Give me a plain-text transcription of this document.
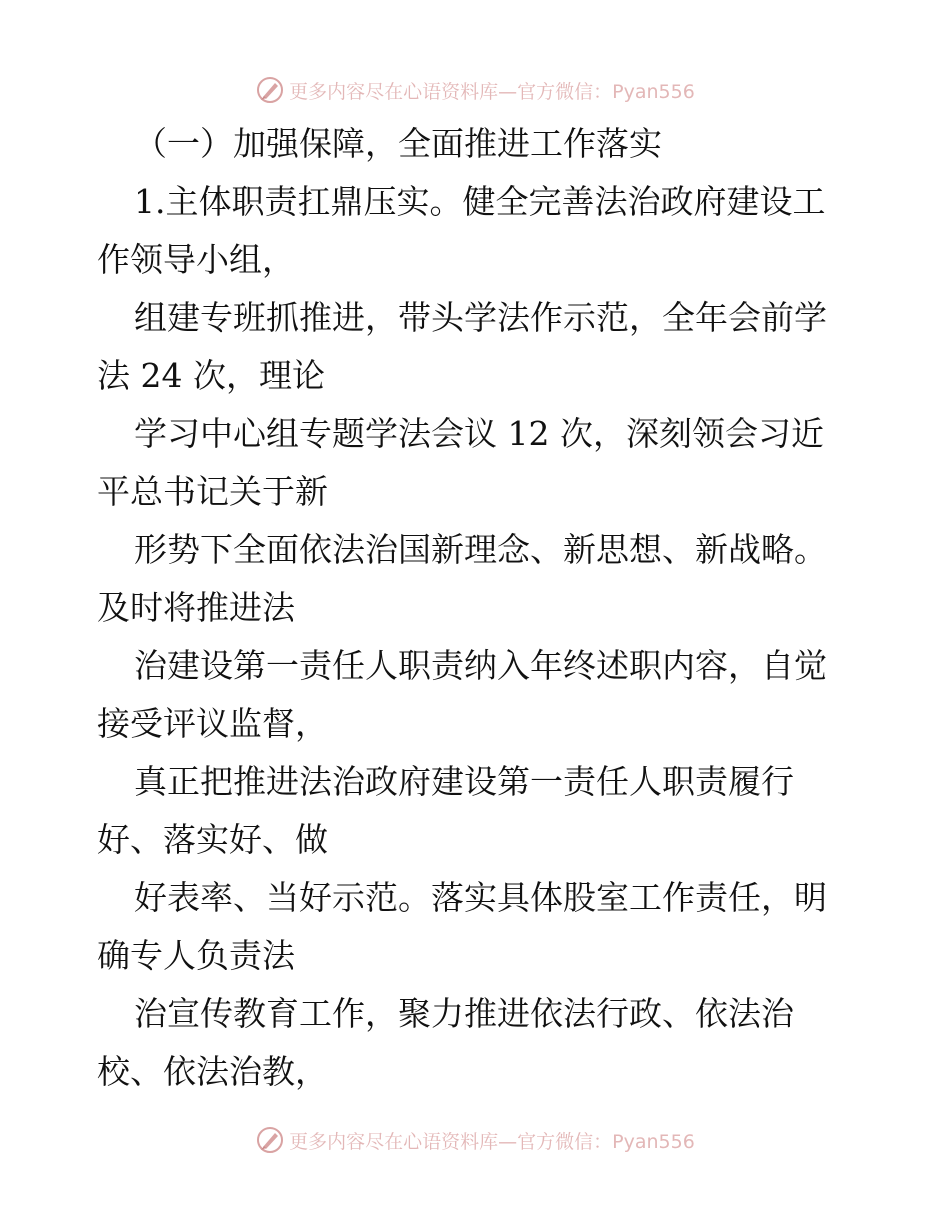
更多内容尽在心语资料库—官方微信：Pyan556

（一）加强保障，全面推进工作落实

1.主体职责扛鼎压实。健全完善法治政府建设工

作领导小组，

组建专班抓推进，带头学法作示范，全年会前学

法 24 次，理论

学习中心组专题学法会议 12 次，深刻领会习近

平总书记关于新

形势下全面依法治国新理念、新思想、新战略。

及时将推进法

治建设第一责任人职责纳入年终述职内容，自觉

接受评议监督，

真正把推进法治政府建设第一责任人职责履行

好、落实好、做

好表率、当好示范。落实具体股室工作责任，明

确专人负责法

治宣传教育工作，聚力推进依法行政、依法治

校、依法治教，

更多内容尽在心语资料库—官方微信：Pyan556
